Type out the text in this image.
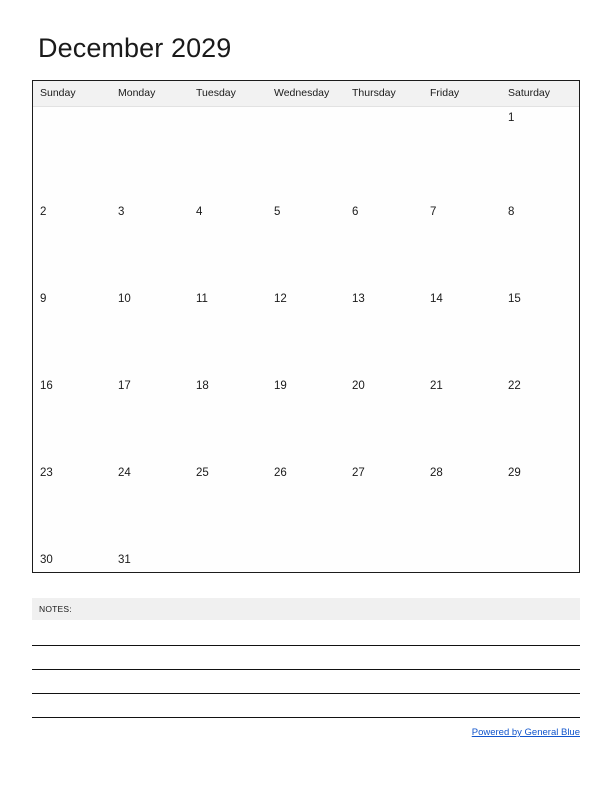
December 2029
Sunday	Monday	Tuesday	Wednesday	Thursday	Friday	Saturday
						1
2	3	4	5	6	7	8
9	10	11	12	13	14	15
16	17	18	19	20	21	22
23	24	25	26	27	28	29
30	31					
NOTES:
Powered by General Blue
